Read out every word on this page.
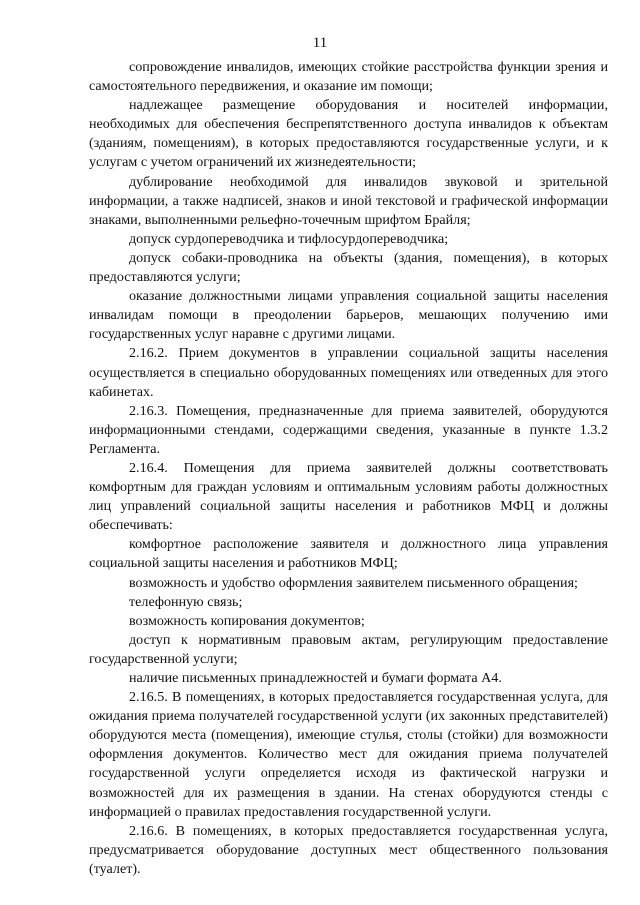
11

сопровождение инвалидов, имеющих стойкие расстройства функции зрения и самостоятельного передвижения, и оказание им помощи;

надлежащее размещение оборудования и носителей информации, необходимых для обеспечения беспрепятственного доступа инвалидов к объектам (зданиям, помещениям), в которых предоставляются государственные услуги, и к услугам с учетом ограничений их жизнедеятельности;

дублирование необходимой для инвалидов звуковой и зрительной информации, а также надписей, знаков и иной текстовой и графической информации знаками, выполненными рельефно-точечным шрифтом Брайля;

допуск сурдопереводчика и тифлосурдопереводчика;

допуск собаки-проводника на объекты (здания, помещения), в которых предоставляются услуги;

оказание должностными лицами управления социальной защиты населения инвалидам помощи в преодолении барьеров, мешающих получению ими государственных услуг наравне с другими лицами.

2.16.2. Прием документов в управлении социальной защиты населения осуществляется в специально оборудованных помещениях или отведенных для этого кабинетах.

2.16.3. Помещения, предназначенные для приема заявителей, оборудуются информационными стендами, содержащими сведения, указанные в пункте 1.3.2 Регламента.

2.16.4. Помещения для приема заявителей должны соответствовать комфортным для граждан условиям и оптимальным условиям работы должностных лиц управлений социальной защиты населения и работников МФЦ и должны обеспечивать:

комфортное расположение заявителя и должностного лица управления социальной защиты населения и работников МФЦ;

возможность и удобство оформления заявителем письменного обращения;

телефонную связь;

возможность копирования документов;

доступ к нормативным правовым актам, регулирующим предоставление государственной услуги;

наличие письменных принадлежностей и бумаги формата А4.

2.16.5. В помещениях, в которых предоставляется государственная услуга, для ожидания приема получателей государственной услуги (их законных представителей) оборудуются места (помещения), имеющие стулья, столы (стойки) для возможности оформления документов. Количество мест для ожидания приема получателей государственной услуги определяется исходя из фактической нагрузки и возможностей для их размещения в здании. На стенах оборудуются стенды с информацией о правилах предоставления государственной услуги.

2.16.6. В помещениях, в которых предоставляется государственная услуга, предусматривается оборудование доступных мест общественного пользования (туалет).
